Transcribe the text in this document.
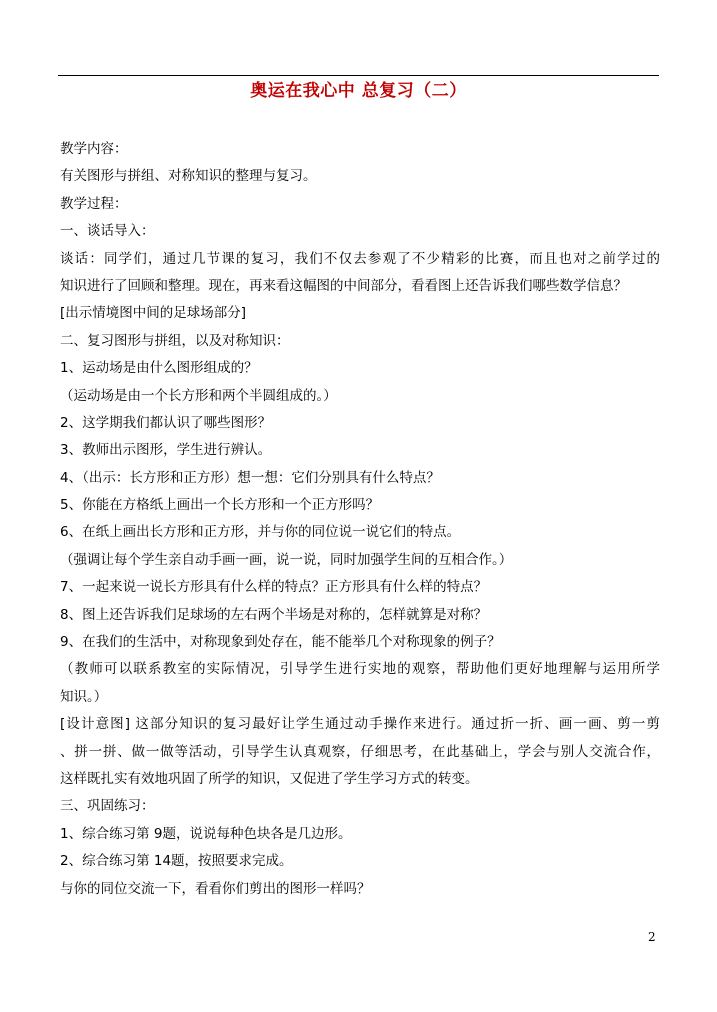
奥运在我心中 总复习（二）
教学内容：
有关图形与拼组、对称知识的整理与复习。
教学过程：
一、谈话导入：
谈话：同学们，通过几节课的复习，我们不仅去参观了不少精彩的比赛，而且也对之前学过的
知识进行了回顾和整理。现在，再来看这幅图的中间部分，看看图上还告诉我们哪些数学信息？
[出示情境图中间的足球场部分]
二、复习图形与拼组，以及对称知识：
1、运动场是由什么图形组成的？
（运动场是由一个长方形和两个半圆组成的。）
2、这学期我们都认识了哪些图形？
3、教师出示图形，学生进行辨认。
4、（出示：长方形和正方形）想一想：它们分别具有什么特点？
5、你能在方格纸上画出一个长方形和一个正方形吗？
6、在纸上画出长方形和正方形，并与你的同位说一说它们的特点。
（强调让每个学生亲自动手画一画，说一说，同时加强学生间的互相合作。）
7、一起来说一说长方形具有什么样的特点？正方形具有什么样的特点？
8、图上还告诉我们足球场的左右两个半场是对称的，怎样就算是对称？
9、在我们的生活中，对称现象到处存在，能不能举几个对称现象的例子？
（教师可以联系教室的实际情况，引导学生进行实地的观察，帮助他们更好地理解与运用所学
知识。）
[设计意图] 这部分知识的复习最好让学生通过动手操作来进行。通过折一折、画一画、剪一剪
、拼一拼、做一做等活动，引导学生认真观察，仔细思考，在此基础上，学会与别人交流合作，
这样既扎实有效地巩固了所学的知识，又促进了学生学习方式的转变。
三、巩固练习：
1、综合练习第 9题，说说每种色块各是几边形。
2、综合练习第 14题，按照要求完成。
与你的同位交流一下，看看你们剪出的图形一样吗？
2
